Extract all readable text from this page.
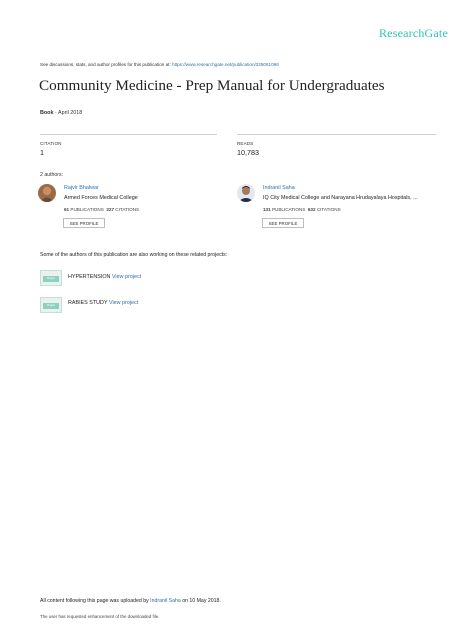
ResearchGate
See discussions, stats, and author profiles for this publication at: https://www.researchgate.net/publication/325061096
Community Medicine - Prep Manual for Undergraduates
Book · April 2018
CITATION
1
READS
10,783
2 authors:
Rajvir Bhalwar
Armed Forces Medical College
61 PUBLICATIONS 227 CITATIONS
SEE PROFILE
Indranil Saha
IQ City Medical College and Narayana Hrudayalaya Hospitals, ...
131 PUBLICATIONS 632 CITATIONS
SEE PROFILE
Some of the authors of this publication are also working on these related projects:
Project	HYPERTENSION View project
Project	RABIES STUDY View project
All content following this page was uploaded by Indranil Saha on 10 May 2018.
The user has requested enhancement of the downloaded file.
